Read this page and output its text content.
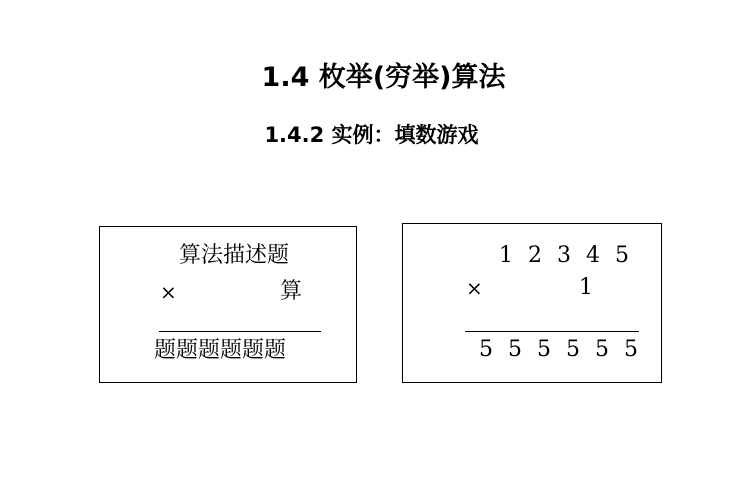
1.4 枚举(穷举)算法
1.4.2 实例：填数游戏
算法描述题
×	算
题题题题题题
1 2 3 4 5
×	1
5 5 5 5 5 5
